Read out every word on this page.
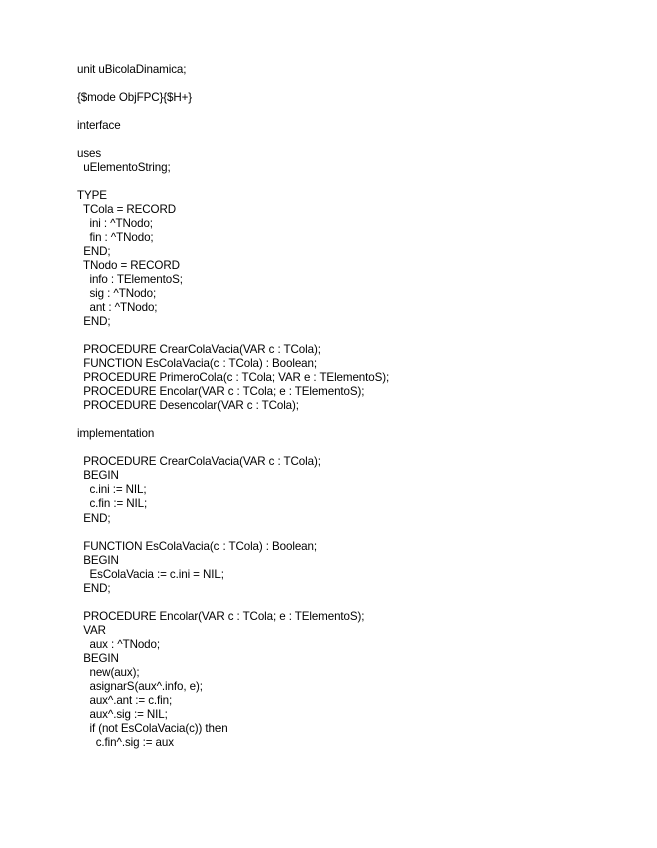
unit uBicolaDinamica;
{$mode ObjFPC}{$H+}
interface
uses
uElementoString;
TYPE
TCola = RECORD
ini : ^TNodo;
fin : ^TNodo;
END;
TNodo = RECORD
info : TElementoS;
sig : ^TNodo;
ant : ^TNodo;
END;
PROCEDURE CrearColaVacia(VAR c : TCola);
FUNCTION EsColaVacia(c : TCola) : Boolean;
PROCEDURE PrimeroCola(c : TCola; VAR e : TElementoS);
PROCEDURE Encolar(VAR c : TCola; e : TElementoS);
PROCEDURE Desencolar(VAR c : TCola);
implementation
PROCEDURE CrearColaVacia(VAR c : TCola);
BEGIN
c.ini := NIL;
c.fin := NIL;
END;
FUNCTION EsColaVacia(c : TCola) : Boolean;
BEGIN
EsColaVacia := c.ini = NIL;
END;
PROCEDURE Encolar(VAR c : TCola; e : TElementoS);
VAR
aux : ^TNodo;
BEGIN
new(aux);
asignarS(aux^.info, e);
aux^.ant := c.fin;
aux^.sig := NIL;
if (not EsColaVacia(c)) then
c.fin^.sig := aux
